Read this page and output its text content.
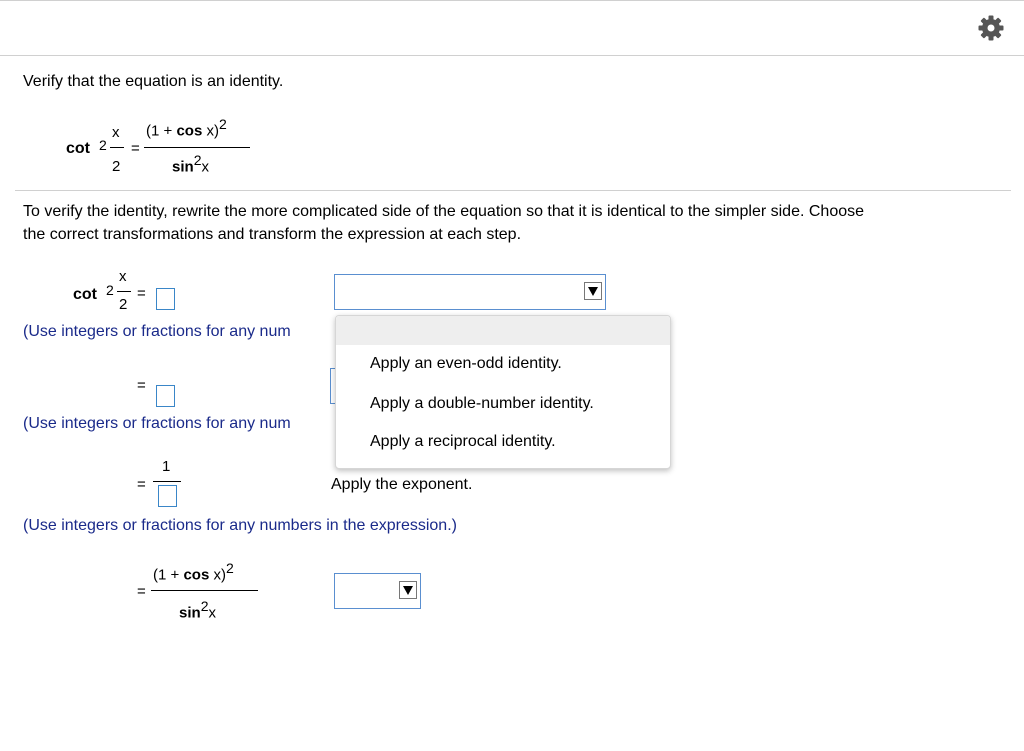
Verify that the equation is an identity.
cot 2
x
2
=
$(1 + \cos x)^2$
$\sin^2x$
To verify the identity, rewrite the more complicated side of the equation so that it is identical to the simpler side. Choose
the correct transformations and transform the expression at each step.
cot 2
x
2
=
(Use integers or fractions for any num
=
(Use integers or fractions for any num
1
=	Apply the exponent.
(Use integers or fractions for any numbers in the expression.)
=
$(1 + \cos x)^2$
$\sin^2x$
Apply an even-odd identity.
Apply a double-number identity.
Apply a reciprocal identity.
